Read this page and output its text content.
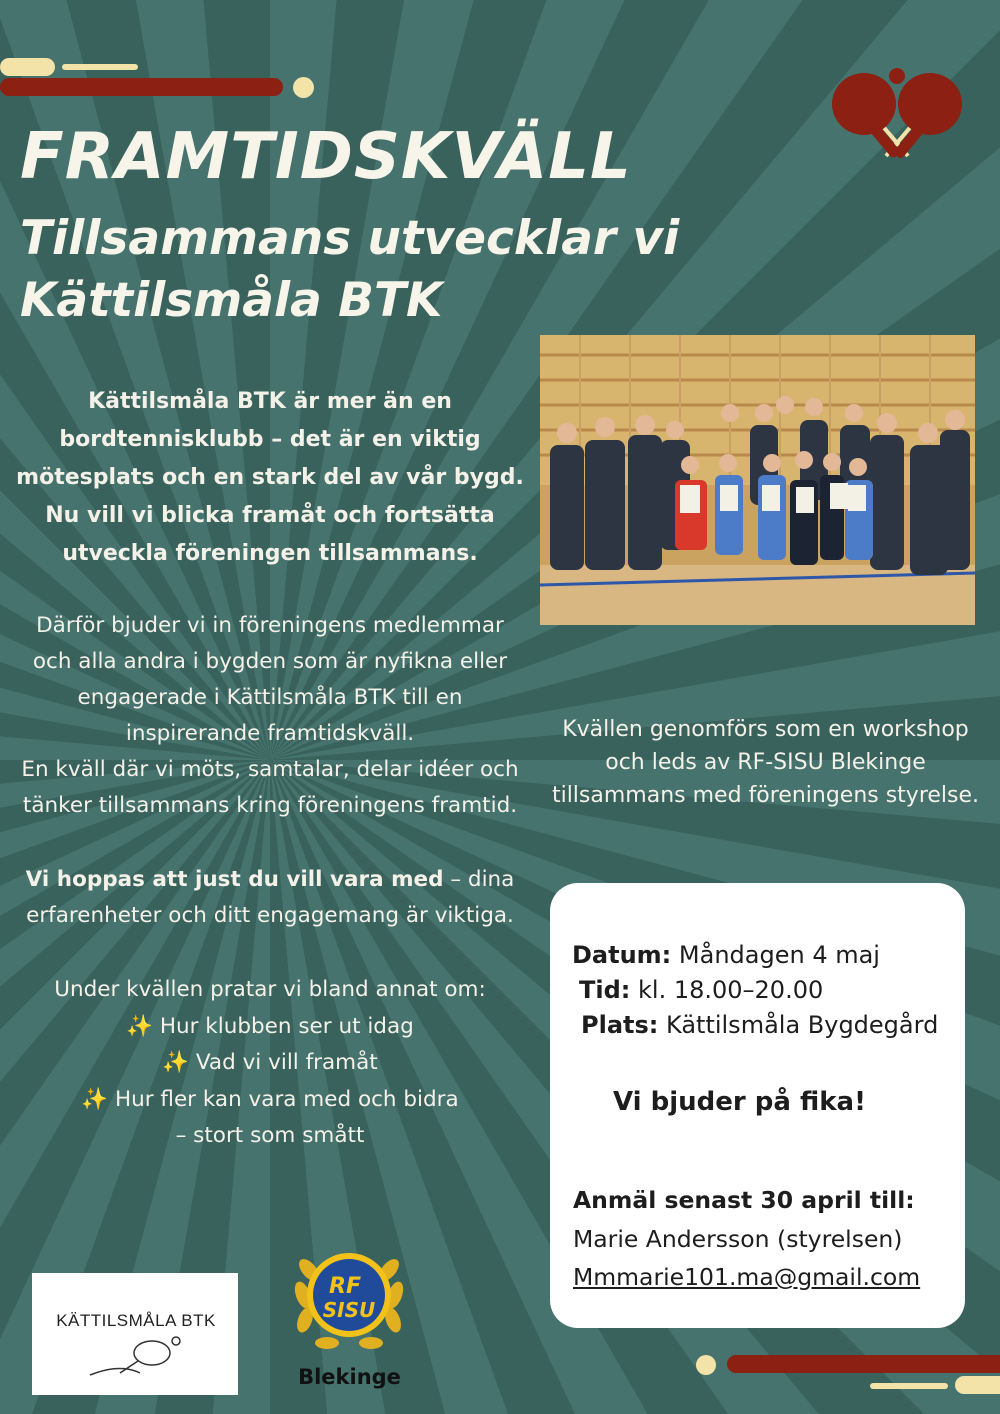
FRAMTIDSKVÄLL
Tillsammans utvecklar vi
Kättilsmåla BTK

Kättilsmåla BTK är mer än en
bordtennisklubb – det är en viktig
mötesplats och en stark del av vår bygd.
Nu vill vi blicka framåt och fortsätta
utveckla föreningen tillsammans.

Därför bjuder vi in föreningens medlemmar
och alla andra i bygden som är nyfikna eller
engagerade i Kättilsmåla BTK till en
inspirerande framtidskväll.
En kväll där vi möts, samtalar, delar idéer och
tänker tillsammans kring föreningens framtid.

Vi hoppas att just du vill vara med – dina
erfarenheter och ditt engagemang är viktiga.

Under kvällen pratar vi bland annat om:
✨ Hur klubben ser ut idag
✨ Vad vi vill framåt
✨ Hur fler kan vara med och bidra
– stort som smått

Kvällen genomförs som en workshop
och leds av RF-SISU Blekinge
tillsammans med föreningens styrelse.

Datum: Måndagen 4 maj
Tid: kl. 18.00–20.00
Plats: Kättilsmåla Bygdegård
Vi bjuder på fika!
Anmäl senast 30 april till:
Marie Andersson (styrelsen)
Mmmarie101.ma@gmail.com
KÄTTILSMÅLA BTK
RF
SISU
Blekinge
